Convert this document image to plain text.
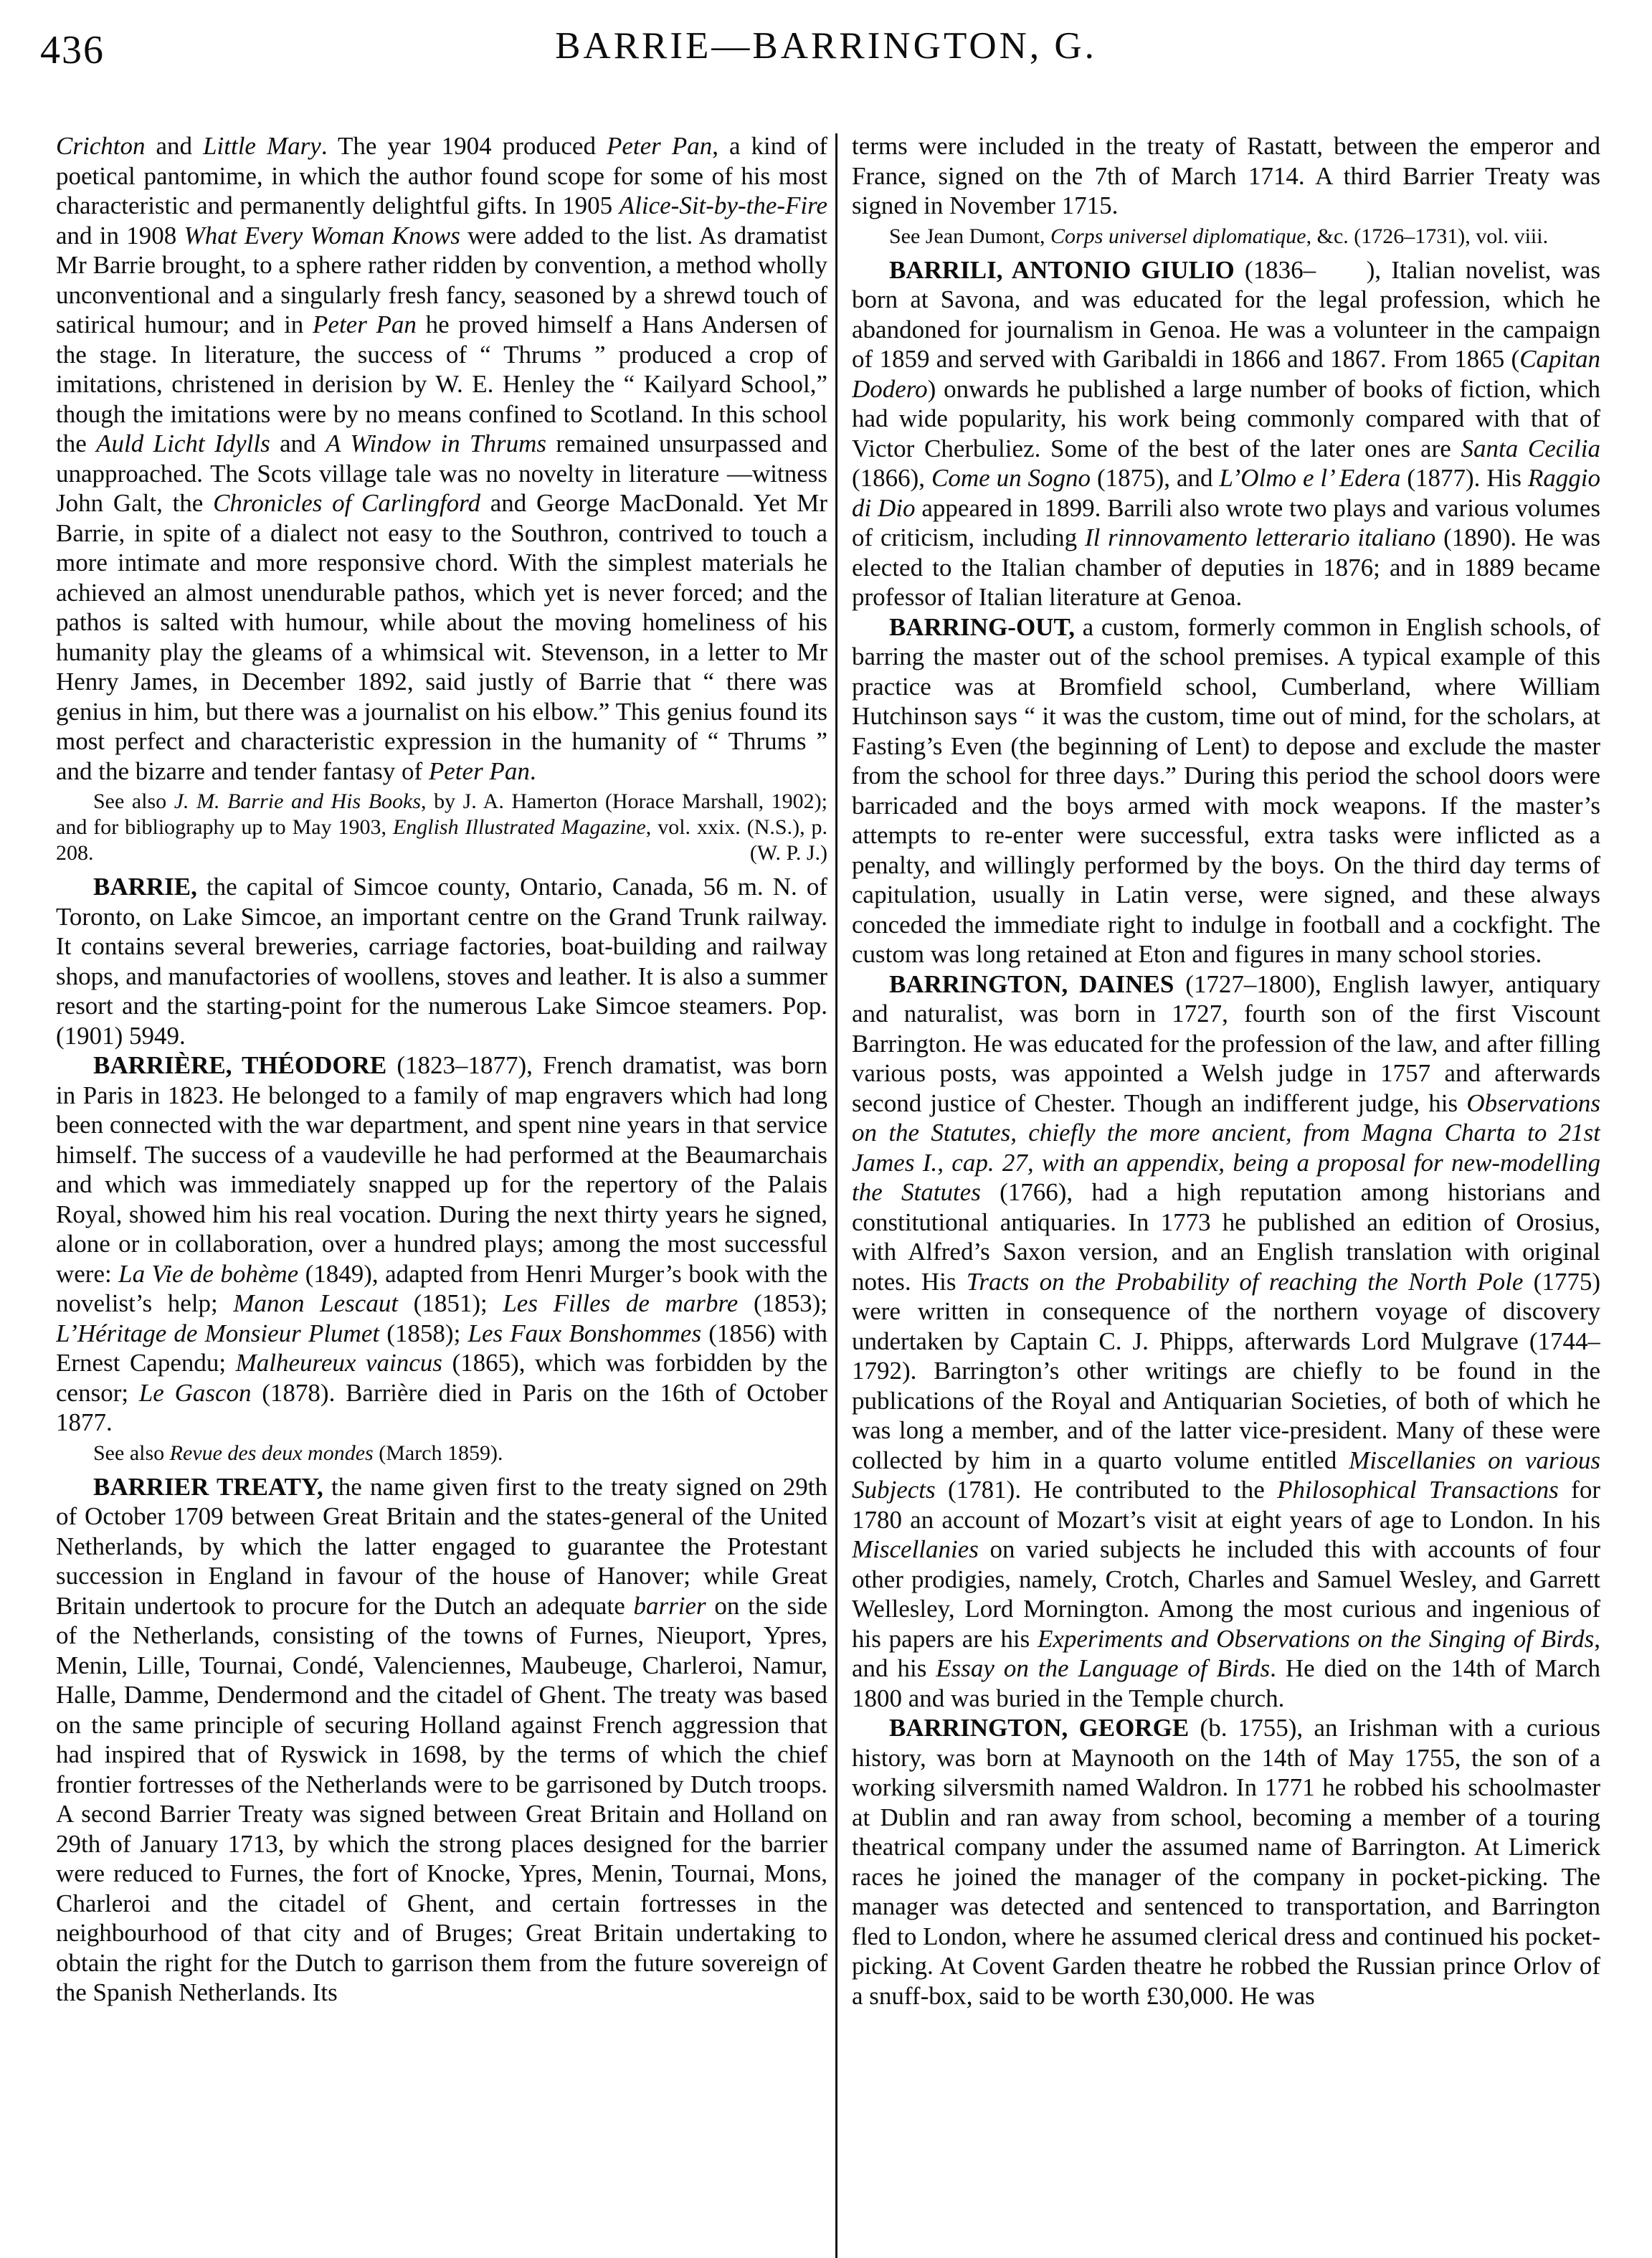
436	BARRIE—BARRINGTON, G.

Crichton and Little Mary. The year 1904 produced Peter Pan, a kind of poetical pantomime, in which the author found scope for some of his most characteristic and permanently delightful gifts. In 1905 Alice-Sit-by-the-Fire and in 1908 What Every Woman Knows were added to the list. As dramatist Mr Barrie brought, to a sphere rather ridden by convention, a method wholly unconventional and a singularly fresh fancy, seasoned by a shrewd touch of satirical humour; and in Peter Pan he proved himself a Hans Andersen of the stage. In literature, the success of “ Thrums ” produced a crop of imitations, christened in derision by W. E. Henley the “ Kailyard School,” though the imitations were by no means confined to Scotland. In this school the Auld Licht Idylls and A Window in Thrums remained unsurpassed and unapproached. The Scots village tale was no novelty in literature —witness John Galt, the Chronicles of Carlingford and George MacDonald. Yet Mr Barrie, in spite of a dialect not easy to the Southron, contrived to touch a more intimate and more responsive chord. With the simplest materials he achieved an almost unendurable pathos, which yet is never forced; and the pathos is salted with humour, while about the moving homeliness of his humanity play the gleams of a whimsical wit. Stevenson, in a letter to Mr Henry James, in December 1892, said justly of Barrie that “ there was genius in him, but there was a journalist on his elbow.” This genius found its most perfect and characteristic expression in the humanity of “ Thrums ” and the bizarre and tender fantasy of Peter Pan.

See also J. M. Barrie and His Books, by J. A. Hamerton (Horace Marshall, 1902); and for bibliography up to May 1903, English Illustrated Magazine, vol. xxix. (N.S.), p. 208.	(W. P. J.)

BARRIE, the capital of Simcoe county, Ontario, Canada, 56 m. N. of Toronto, on Lake Simcoe, an important centre on the Grand Trunk railway. It contains several breweries, carriage factories, boat-building and railway shops, and manufactories of woollens, stoves and leather. It is also a summer resort and the starting-point for the numerous Lake Simcoe steamers. Pop. (1901) 5949.

BARRIÈRE, THÉODORE (1823–1877), French dramatist, was born in Paris in 1823. He belonged to a family of map engravers which had long been connected with the war department, and spent nine years in that service himself. The success of a vaudeville he had performed at the Beaumarchais and which was immediately snapped up for the repertory of the Palais Royal, showed him his real vocation. During the next thirty years he signed, alone or in collaboration, over a hundred plays; among the most successful were: La Vie de bohème (1849), adapted from Henri Murger’s book with the novelist’s help; Manon Lescaut (1851); Les Filles de marbre (1853); L’Héritage de Monsieur Plumet (1858); Les Faux Bonshommes (1856) with Ernest Capendu; Malheureux vaincus (1865), which was forbidden by the censor; Le Gascon (1878). Barrière died in Paris on the 16th of October 1877.

See also Revue des deux mondes (March 1859).

BARRIER TREATY, the name given first to the treaty signed on 29th of October 1709 between Great Britain and the states-general of the United Netherlands, by which the latter engaged to guarantee the Protestant succession in England in favour of the house of Hanover; while Great Britain undertook to procure for the Dutch an adequate barrier on the side of the Netherlands, consisting of the towns of Furnes, Nieuport, Ypres, Menin, Lille, Tournai, Condé, Valenciennes, Maubeuge, Charleroi, Namur, Halle, Damme, Dendermond and the citadel of Ghent. The treaty was based on the same principle of securing Holland against French aggression that had inspired that of Ryswick in 1698, by the terms of which the chief frontier fortresses of the Netherlands were to be garrisoned by Dutch troops. A second Barrier Treaty was signed between Great Britain and Holland on 29th of January 1713, by which the strong places designed for the barrier were reduced to Furnes, the fort of Knocke, Ypres, Menin, Tournai, Mons, Charleroi and the citadel of Ghent, and certain fortresses in the neighbourhood of that city and of Bruges; Great Britain undertaking to obtain the right for the Dutch to garrison them from the future sovereign of the Spanish Netherlands. Its

terms were included in the treaty of Rastatt, between the emperor and France, signed on the 7th of March 1714. A third Barrier Treaty was signed in November 1715.

See Jean Dumont, Corps universel diplomatique, &c. (1726–1731), vol. viii.

BARRILI, ANTONIO GIULIO (1836–     ), Italian novelist, was born at Savona, and was educated for the legal profession, which he abandoned for journalism in Genoa. He was a volunteer in the campaign of 1859 and served with Garibaldi in 1866 and 1867. From 1865 (Capitan Dodero) onwards he published a large number of books of fiction, which had wide popularity, his work being commonly compared with that of Victor Cherbuliez. Some of the best of the later ones are Santa Cecilia (1866), Come un Sogno (1875), and L’Olmo e l’ Edera (1877). His Raggio di Dio appeared in 1899. Barrili also wrote two plays and various volumes of criticism, including Il rinnovamento letterario italiano (1890). He was elected to the Italian chamber of deputies in 1876; and in 1889 became professor of Italian literature at Genoa.

BARRING-OUT, a custom, formerly common in English schools, of barring the master out of the school premises. A typical example of this practice was at Bromfield school, Cumberland, where William Hutchinson says “ it was the custom, time out of mind, for the scholars, at Fasting’s Even (the beginning of Lent) to depose and exclude the master from the school for three days.” During this period the school doors were barricaded and the boys armed with mock weapons. If the master’s attempts to re-enter were successful, extra tasks were inflicted as a penalty, and willingly performed by the boys. On the third day terms of capitulation, usually in Latin verse, were signed, and these always conceded the immediate right to indulge in football and a cockfight. The custom was long retained at Eton and figures in many school stories.

BARRINGTON, DAINES (1727–1800), English lawyer, antiquary and naturalist, was born in 1727, fourth son of the first Viscount Barrington. He was educated for the profession of the law, and after filling various posts, was appointed a Welsh judge in 1757 and afterwards second justice of Chester. Though an indifferent judge, his Observations on the Statutes, chiefly the more ancient, from Magna Charta to 21st James I., cap. 27, with an appendix, being a proposal for new-modelling the Statutes (1766), had a high reputation among historians and constitutional antiquaries. In 1773 he published an edition of Orosius, with Alfred’s Saxon version, and an English translation with original notes. His Tracts on the Probability of reaching the North Pole (1775) were written in consequence of the northern voyage of discovery undertaken by Captain C. J. Phipps, afterwards Lord Mulgrave (1744–1792). Barrington’s other writings are chiefly to be found in the publications of the Royal and Antiquarian Societies, of both of which he was long a member, and of the latter vice-president. Many of these were collected by him in a quarto volume entitled Miscellanies on various Subjects (1781). He contributed to the Philosophical Transactions for 1780 an account of Mozart’s visit at eight years of age to London. In his Miscellanies on varied subjects he included this with accounts of four other prodigies, namely, Crotch, Charles and Samuel Wesley, and Garrett Wellesley, Lord Mornington. Among the most curious and ingenious of his papers are his Experiments and Observations on the Singing of Birds, and his Essay on the Language of Birds. He died on the 14th of March 1800 and was buried in the Temple church.

BARRINGTON, GEORGE (b. 1755), an Irishman with a curious history, was born at Maynooth on the 14th of May 1755, the son of a working silversmith named Waldron. In 1771 he robbed his schoolmaster at Dublin and ran away from school, becoming a member of a touring theatrical company under the assumed name of Barrington. At Limerick races he joined the manager of the company in pocket-picking. The manager was detected and sentenced to transportation, and Barrington fled to London, where he assumed clerical dress and continued his pocket-picking. At Covent Garden theatre he robbed the Russian prince Orlov of a snuff-box, said to be worth £30,000. He was
